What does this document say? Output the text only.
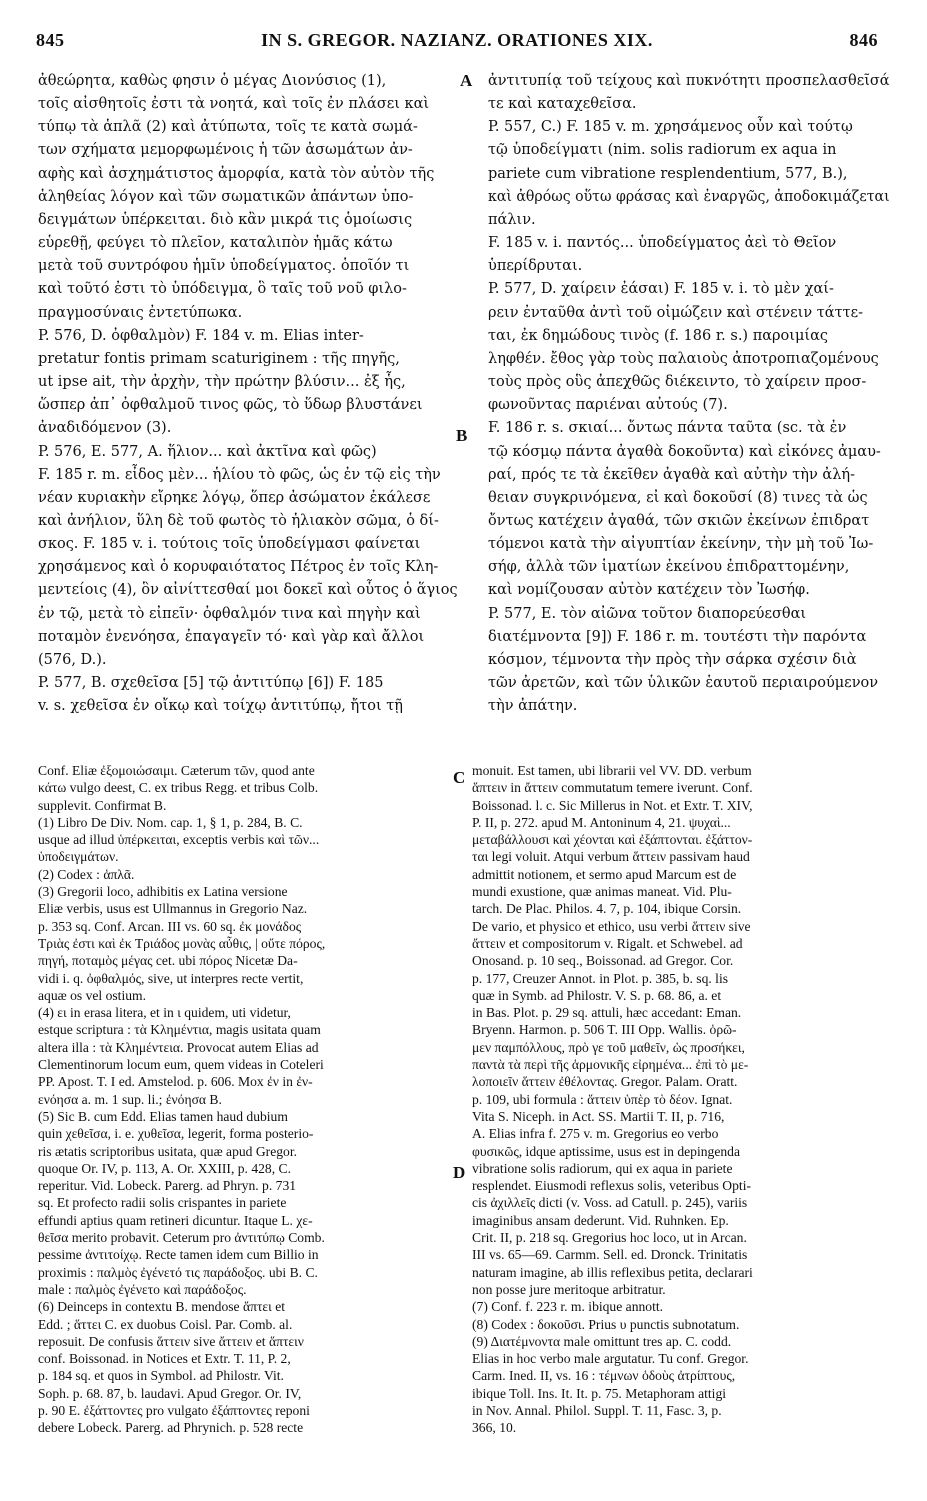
845	IN S. GREGOR. NAZIANZ. ORATIONES XIX.	846
ἀθεώρητα, καθὼς φησιν ὁ μέγας Διονύσιος (1),
τοῖς αἰσθητοῖς ἐστι τὰ νοητά, καὶ τοῖς ἐν πλάσει καὶ
τύπῳ τὰ ἁπλᾶ (2) καὶ ἀτύπωτα, τοῖς τε κατὰ σωμά-
των σχήματα μεμορφωμένοις ἡ τῶν ἀσωμάτων ἀν-
αφὴς καὶ ἀσχημάτιστος ἀμορφία, κατὰ τὸν αὐτὸν τῆς
ἀληθείας λόγον καὶ τῶν σωματικῶν ἁπάντων ὑπο-
δειγμάτων ὑπέρκειται. διὸ κἂν μικρά τις ὁμοίωσις
εὑρεθῇ, φεύγει τὸ πλεῖον, καταλιπὸν ἡμᾶς κάτω
μετὰ τοῦ συντρόφου ἡμῖν ὑποδείγματος. ὁποῖόν τι
καὶ τοῦτό ἐστι τὸ ὑπόδειγμα, ὃ ταῖς τοῦ νοῦ φιλο-
πραγμοσύναις ἐντετύπωκα.
P. 576, D. ὀφθαλμὸν) F. 184 v. m. Elias inter-
pretatur fontis primam scaturiginem : τῆς πηγῆς,
ut ipse ait, τὴν ἀρχὴν, τὴν πρώτην βλύσιν... ἐξ ἧς,
ὥσπερ ἀπ᾿ ὀφθαλμοῦ τινος φῶς, τὸ ὕδωρ βλυστάνει
ἀναδιδόμενον (3).
P. 576, E. 577, A. ἥλιον... καὶ ἀκτῖνα καὶ φῶς)
F. 185 r. m. εἶδος μὲν... ἡλίου τὸ φῶς, ὡς ἐν τῷ εἰς τὴν
νέαν κυριακὴν εἴρηκε λόγῳ, ὅπερ ἀσώματον ἐκάλεσε
καὶ ἀνήλιον, ὕλη δὲ τοῦ φωτὸς τὸ ἡλιακὸν σῶμα, ὁ δί-
σκος. F. 185 v. i. τούτοις τοῖς ὑποδείγμασι φαίνεται
χρησάμενος καὶ ὁ κορυφαιότατος Πέτρος ἐν τοῖς Κλη-
μεντείοις (4), ὃν αἰνίττεσθαί μοι δοκεῖ καὶ οὗτος ὁ ἅγιος
ἐν τῷ, μετὰ τὸ εἰπεῖν· ὀφθαλμόν τινα καὶ πηγὴν καὶ
ποταμὸν ἐνενόησα, ἐπαγαγεῖν τό· καὶ γὰρ καὶ ἄλλοι
(576, D.).
P. 577, B. σχεθεῖσα [5] τῷ ἀντιτύπῳ [6]) F. 185
v. s. χεθεῖσα ἐν οἴκῳ καὶ τοίχῳ ἀντιτύπῳ, ἤτοι τῇ
ἀντιτυπίᾳ τοῦ τείχους καὶ πυκνότητι προσπελασθεῖσά
τε καὶ καταχεθεῖσα.
P. 557, C.) F. 185 v. m. χρησάμενος οὖν καὶ τούτῳ
τῷ ὑποδείγματι (nim. solis radiorum ex aqua in
pariete cum vibratione resplendentium, 577, B.),
καὶ ἀθρόως οὕτω φράσας καὶ ἐναργῶς, ἀποδοκιμάζεται
πάλιν.
F. 185 v. i. παντός... ὑποδείγματος ἀεὶ τὸ Θεῖον
ὑπερίδρυται.
P. 577, D. χαίρειν ἐάσαι) F. 185 v. i. τὸ μὲν χαί-
ρειν ἐνταῦθα ἀντὶ τοῦ οἰμώζειν καὶ στένειν τάττε-
ται, ἐκ δημώδους τινὸς (f. 186 r. s.) παροιμίας
ληφθέν. ἔθος γὰρ τοὺς παλαιοὺς ἀποτροπιαζομένους
τοὺς πρὸς οὓς ἀπεχθῶς διέκειντο, τὸ χαίρειν προσ-
φωνοῦντας παριέναι αὐτούς (7).
F. 186 r. s. σκιαί... ὄντως πάντα ταῦτα (sc. τὰ ἐν
τῷ κόσμῳ πάντα ἀγαθὰ δοκοῦντα) καὶ εἰκόνες ἀμαυ-
ραί, πρός τε τὰ ἐκεῖθεν ἀγαθὰ καὶ αὐτὴν τὴν ἀλή-
θειαν συγκρινόμενα, εἰ καὶ δοκοῦσί (8) τινες τὰ ὡς
ὄντως κατέχειν ἀγαθά, τῶν σκιῶν ἐκείνων ἐπιδρατ
τόμενοι κατὰ τὴν αἰγυπτίαν ἐκείνην, τὴν μὴ τοῦ Ἰω-
σήφ, ἀλλὰ τῶν ἱματίων ἐκείνου ἐπιδραττομένην,
καὶ νομίζουσαν αὐτὸν κατέχειν τὸν Ἰωσήφ.
P. 577, E. τὸν αἰῶνα τοῦτον διαπορεύεσθαι
διατέμνοντα [9]) F. 186 r. m. τουτέστι τὴν παρόντα
κόσμον, τέμνοντα τὴν πρὸς τὴν σάρκα σχέσιν διὰ
τῶν ἀρετῶν, καὶ τῶν ὑλικῶν ἑαυτοῦ περιαιρούμενον
τὴν ἀπάτην.
Conf. Eliæ ἐξομοιώσαιμι. Cæterum τῶν, quod ante
κάτω vulgo deest, C. ex tribus Regg. et tribus Colb.
supplevit. Confirmat B.
(1) Libro De Div. Nom. cap. 1, § 1, p. 284, B. C.
usque ad illud ὑπέρκειται, exceptis verbis καὶ τῶν...
ὑποδειγμάτων.
(2) Codex : ἁπλᾶ.
(3) Gregorii loco, adhibitis ex Latina versione
Eliæ verbis, usus est Ullmannus in Gregorio Naz.
p. 353 sq. Conf. Arcan. III vs. 60 sq. ἐκ μονάδος
Τριὰς ἐστι καὶ ἐκ Τριάδος μονὰς αὖθις, | οὔτε πόρος,
πηγή, ποταμὸς μέγας cet. ubi πόρος Nicetæ Da-
vidi i. q. ὀφθαλμός, sive, ut interpres recte vertit,
aquæ os vel ostium.
(4) ει in erasa litera, et in ι quidem, uti videtur,
estque scriptura : τὰ Κλημέντια, magis usitata quam
altera illa : τὰ Κλημέντεια. Provocat autem Elias ad
Clementinorum locum eum, quem videas in Coteleri
PP. Apost. T. I ed. Amstelod. p. 606. Mox ἐν in ἐν-
ενόησα a. m. 1 sup. li.; ἐνόησα B.
(5) Sic B. cum Edd. Elias tamen haud dubium
quin χεθεῖσα, i. e. χυθεῖσα, legerit, forma posterio-
ris ætatis scriptoribus usitata, quæ apud Gregor.
quoque Or. IV, p. 113, A. Or. XXIII, p. 428, C.
reperitur. Vid. Lobeck. Parerg. ad Phryn. p. 731
sq. Et profecto radii solis crispantes in pariete
effundi aptius quam retineri dicuntur. Itaque L. χε-
θεῖσα merito probavit. Ceterum pro ἀντιτύπῳ Comb.
pessime ἀντιτοίχῳ. Recte tamen idem cum Billio in
proximis : παλμὸς ἐγένετό τις παράδοξος. ubi B. C.
male : παλμὸς ἐγένετο καὶ παράδοξος.
(6) Deinceps in contextu B. mendose ἅπτει et
Edd. ; ἅττει C. ex duobus Coisl. Par. Comb. al.
reposuit. De confusis ἅττειν sive ἄττειν et ἅπτειν
conf. Boissonad. in Notices et Extr. T. 11, P. 2,
p. 184 sq. et quos in Symbol. ad Philostr. Vit.
Soph. p. 68. 87, b. laudavi. Apud Gregor. Or. IV,
p. 90 E. ἐξάττοντες pro vulgato ἐξάπτοντες reponi
debere Lobeck. Parerg. ad Phrynich. p. 528 recte
monuit. Est tamen, ubi librarii vel VV. DD. verbum
ἅπτειν in ἄττειν commutatum temere iverunt. Conf.
Boissonad. l. c. Sic Millerus in Not. et Extr. T. XIV,
P. II, p. 272. apud M. Antoninum 4, 21. ψυχαὶ...
μεταβάλλουσι καὶ χέονται καὶ ἐξάπτονται. ἐξάττον-
ται legi voluit. Atqui verbum ἅττειν passivam haud
admittit notionem, et sermo apud Marcum est de
mundi exustione, quæ animas maneat. Vid. Plu-
tarch. De Plac. Philos. 4. 7, p. 104, ibique Corsin.
De vario, et physico et ethico, usu verbi ἅττειν sive
ἄττειν et compositorum v. Rigalt. et Schwebel. ad
Onosand. p. 10 seq., Boissonad. ad Gregor. Cor.
p. 177, Creuzer Annot. in Plot. p. 385, b. sq. lis
quæ in Symb. ad Philostr. V. S. p. 68. 86, a. et
in Bas. Plot. p. 29 sq. attuli, hæc accedant: Eman.
Bryenn. Harmon. p. 506 T. III Opp. Wallis. ὁρῶ-
μεν παμπόλλους, πρὸ γε τοῦ μαθεῖν, ὡς προσήκει,
παντὰ τὰ περὶ τῆς ἁρμονικῆς εἰρημένα... ἐπὶ τὸ με-
λοποιεῖν ἅττειν ἐθέλοντας. Gregor. Palam. Oratt.
p. 109, ubi formula : ἅττειν ὑπὲρ τὸ δέον. Ignat.
Vita S. Niceph. in Act. SS. Martii T. II, p. 716,
A. Elias infra f. 275 v. m. Gregorius eo verbo
φυσικῶς, idque aptissime, usus est in depingenda
vibratione solis radiorum, qui ex aqua in pariete
resplendet. Eiusmodi reflexus solis, veteribus Opti-
cis ἀχιλλεῖς dicti (v. Voss. ad Catull. p. 245), variis
imaginibus ansam dederunt. Vid. Ruhnken. Ep.
Crit. II, p. 218 sq. Gregorius hoc loco, ut in Arcan.
III vs. 65—69. Carmm. Sell. ed. Dronck. Trinitatis
naturam imagine, ab illis reflexibus petita, declarari
non posse jure meritoque arbitratur.
(7) Conf. f. 223 r. m. ibique annott.
(8) Codex : δοκοῦσι. Prius υ punctis subnotatum.
(9) Διατέμνοντα male omittunt tres ap. C. codd.
Elias in hoc verbo male argutatur. Tu conf. Gregor.
Carm. Ined. II, vs. 16 : τέμνων ὁδοὺς ἀτρίπτους,
ibique Toll. Ins. It. It. p. 75. Metaphoram attigi
in Nov. Annal. Philol. Suppl. T. 11, Fasc. 3, p.
366, 10.
A
B
C
D
